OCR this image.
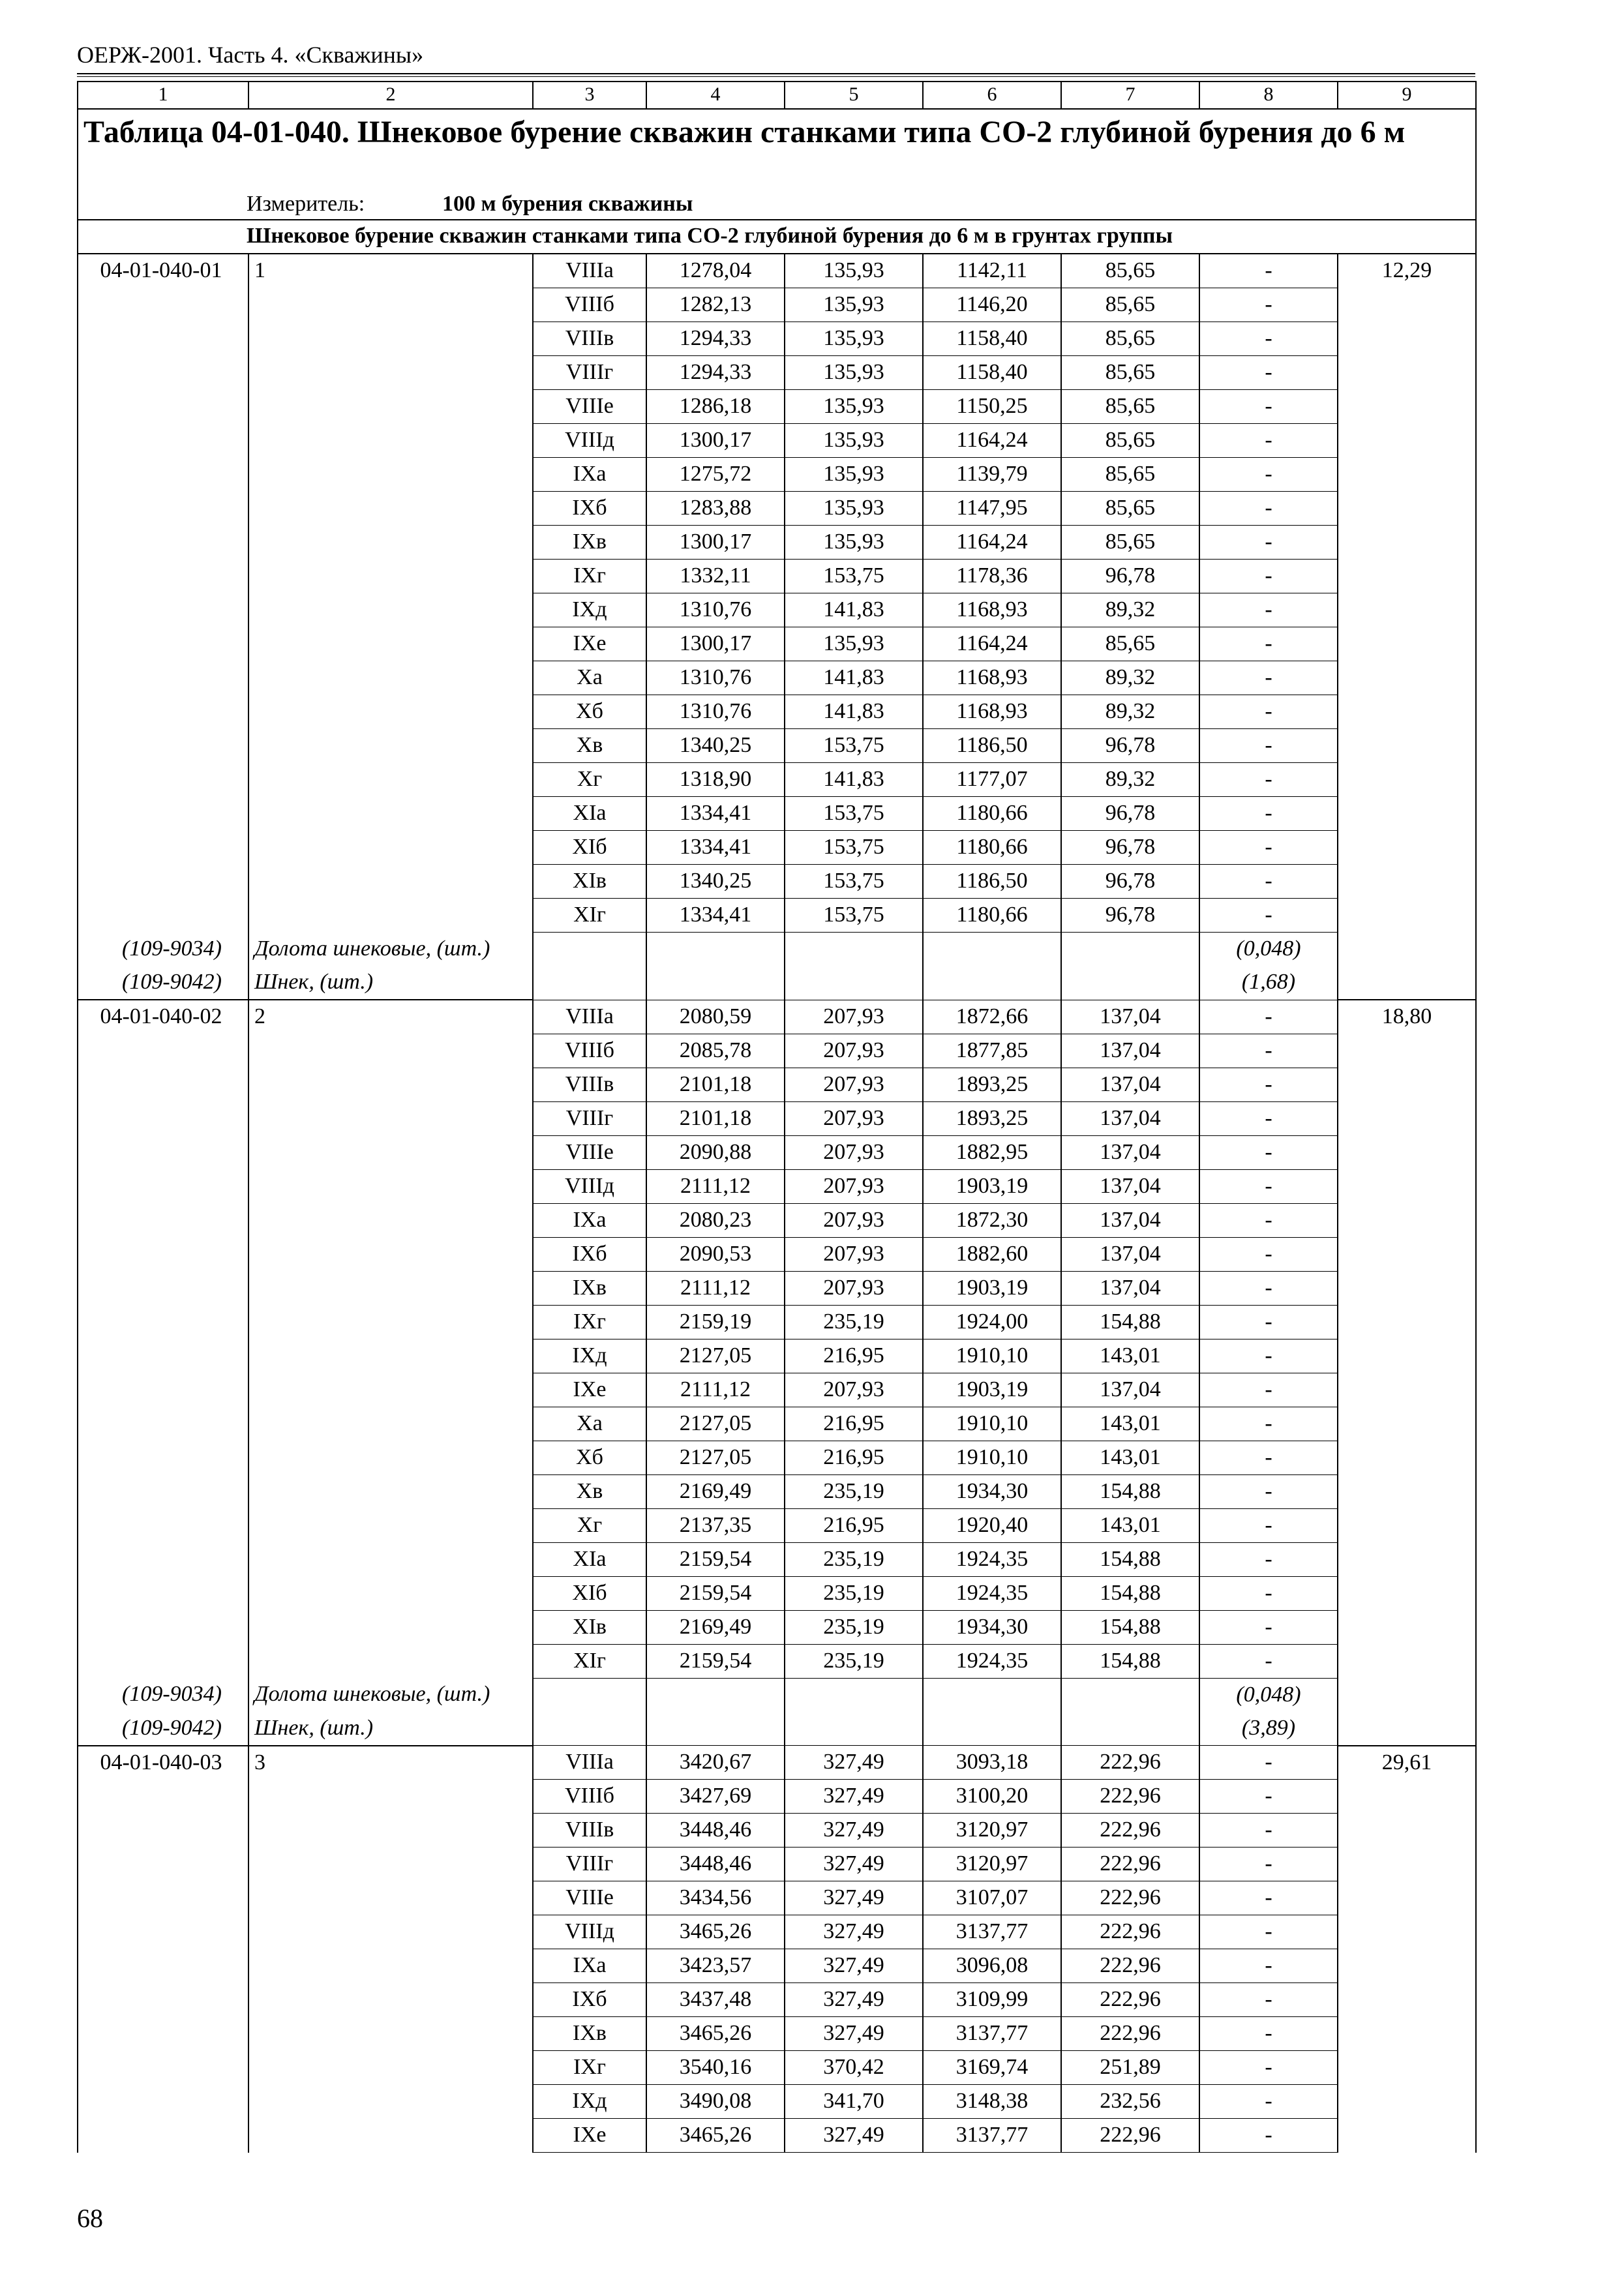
ОЕРЖ-2001. Часть 4. «Скважины»
1	2	3	4	5	6	7	8	9
Таблица 04-01-040. Шнековое бурение скважин станками типа СО-2 глубиной бурения до 6 м								
Измеритель: 100 м бурения скважины								
Шнековое бурение скважин станками типа СО-2 глубиной бурения до 6 м в грунтах группы								
04-01-040-01	1	VIIIа	1278,04	135,93	1142,11	85,65	-	12,29
		VIIIб	1282,13	135,93	1146,20	85,65	-	
		VIIIв	1294,33	135,93	1158,40	85,65	-	
		VIIIг	1294,33	135,93	1158,40	85,65	-	
		VIIIе	1286,18	135,93	1150,25	85,65	-	
		VIIIд	1300,17	135,93	1164,24	85,65	-	
		IXа	1275,72	135,93	1139,79	85,65	-	
		IXб	1283,88	135,93	1147,95	85,65	-	
		IXв	1300,17	135,93	1164,24	85,65	-	
		IXг	1332,11	153,75	1178,36	96,78	-	
		IXд	1310,76	141,83	1168,93	89,32	-	
		IXе	1300,17	135,93	1164,24	85,65	-	
		Xа	1310,76	141,83	1168,93	89,32	-	
		Xб	1310,76	141,83	1168,93	89,32	-	
		Xв	1340,25	153,75	1186,50	96,78	-	
		Xг	1318,90	141,83	1177,07	89,32	-	
		XIа	1334,41	153,75	1180,66	96,78	-	
		XIб	1334,41	153,75	1180,66	96,78	-	
		XIв	1340,25	153,75	1186,50	96,78	-	
		XIг	1334,41	153,75	1180,66	96,78	-	
(109-9034)	Долота шнековые, (шт.)						(0,048)	
(109-9042)	Шнек, (шт.)						(1,68)	
04-01-040-02	2	VIIIа	2080,59	207,93	1872,66	137,04	-	18,80
		VIIIб	2085,78	207,93	1877,85	137,04	-	
		VIIIв	2101,18	207,93	1893,25	137,04	-	
		VIIIг	2101,18	207,93	1893,25	137,04	-	
		VIIIе	2090,88	207,93	1882,95	137,04	-	
		VIIIд	2111,12	207,93	1903,19	137,04	-	
		IXа	2080,23	207,93	1872,30	137,04	-	
		IXб	2090,53	207,93	1882,60	137,04	-	
		IXв	2111,12	207,93	1903,19	137,04	-	
		IXг	2159,19	235,19	1924,00	154,88	-	
		IXд	2127,05	216,95	1910,10	143,01	-	
		IXе	2111,12	207,93	1903,19	137,04	-	
		Xа	2127,05	216,95	1910,10	143,01	-	
		Xб	2127,05	216,95	1910,10	143,01	-	
		Xв	2169,49	235,19	1934,30	154,88	-	
		Xг	2137,35	216,95	1920,40	143,01	-	
		XIа	2159,54	235,19	1924,35	154,88	-	
		XIб	2159,54	235,19	1924,35	154,88	-	
		XIв	2169,49	235,19	1934,30	154,88	-	
		XIг	2159,54	235,19	1924,35	154,88	-	
(109-9034)	Долота шнековые, (шт.)						(0,048)	
(109-9042)	Шнек, (шт.)						(3,89)	
04-01-040-03	3	VIIIа	3420,67	327,49	3093,18	222,96	-	29,61
		VIIIб	3427,69	327,49	3100,20	222,96	-	
		VIIIв	3448,46	327,49	3120,97	222,96	-	
		VIIIг	3448,46	327,49	3120,97	222,96	-	
		VIIIе	3434,56	327,49	3107,07	222,96	-	
		VIIIд	3465,26	327,49	3137,77	222,96	-	
		IXа	3423,57	327,49	3096,08	222,96	-	
		IXб	3437,48	327,49	3109,99	222,96	-	
		IXв	3465,26	327,49	3137,77	222,96	-	
		IXг	3540,16	370,42	3169,74	251,89	-	
		IXд	3490,08	341,70	3148,38	232,56	-	
		IXе	3465,26	327,49	3137,77	222,96	-	
68
